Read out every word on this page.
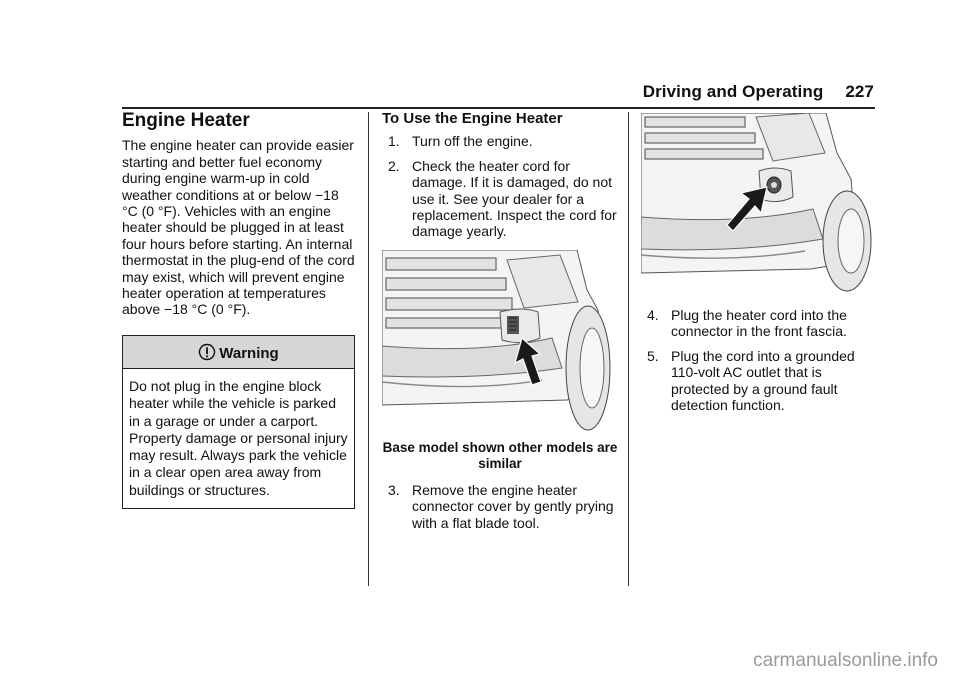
Driving and Operating 227
Engine Heater

The engine heater can provide easier starting and better fuel economy during engine warm-up in cold weather conditions at or below −18 °C (0 °F). Vehicles with an engine heater should be plugged in at least four hours before starting. An internal thermostat in the plug-end of the cord may exist, which will prevent engine heater operation at temperatures above −18 °C (0 °F).

Warning
Do not plug in the engine block heater while the vehicle is parked in a garage or under a carport. Property damage or personal injury may result. Always park the vehicle in a clear open area away from buildings or structures.
To Use the Engine Heater
1. Turn off the engine.
2. Check the heater cord for damage. If it is damaged, do not use it. See your dealer for a replacement. Inspect the cord for damage yearly.
Base model shown other models are similar
3. Remove the engine heater connector cover by gently prying with a flat blade tool.
4. Plug the heater cord into the connector in the front fascia.
5. Plug the cord into a grounded 110-volt AC outlet that is protected by a ground fault detection function.
carmanualsonline.info
